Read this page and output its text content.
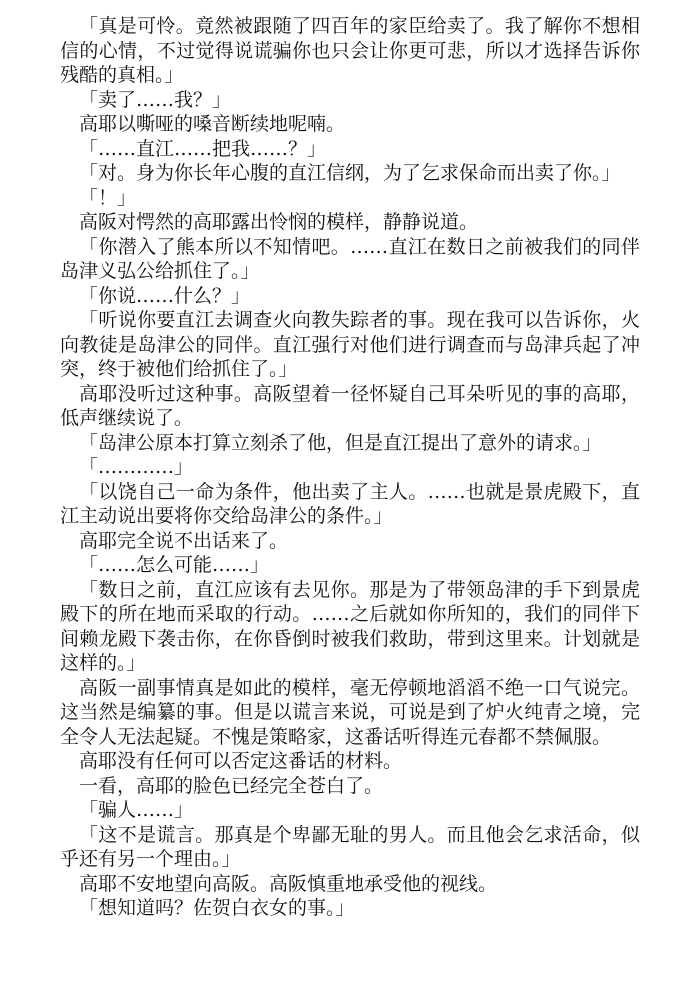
「真是可怜。竟然被跟随了四百年的家臣给卖了。我了解你不想相信的心情，不过觉得说谎骗你也只会让你更可悲，所以才选择告诉你残酷的真相。」

「卖了……我？」

高耶以嘶哑的嗓音断续地呢喃。

「……直江……把我……？」

「对。身为你长年心腹的直江信纲，为了乞求保命而出卖了你。」

「！」

高阪对愕然的高耶露出怜悯的模样，静静说道。

「你潜入了熊本所以不知情吧。……直江在数日之前被我们的同伴岛津义弘公给抓住了。」

「你说……什么？」

「听说你要直江去调查火向教失踪者的事。现在我可以告诉你，火向教徒是岛津公的同伴。直江强行对他们进行调查而与岛津兵起了冲突，终于被他们给抓住了。」

高耶没听过这种事。高阪望着一径怀疑自己耳朵听见的事的高耶，低声继续说了。

「岛津公原本打算立刻杀了他，但是直江提出了意外的请求。」

「…………」

「以饶自己一命为条件，他出卖了主人。……也就是景虎殿下，直江主动说出要将你交给岛津公的条件。」

高耶完全说不出话来了。

「……怎么可能……」

「数日之前，直江应该有去见你。那是为了带领岛津的手下到景虎殿下的所在地而采取的行动。……之后就如你所知的，我们的同伴下间赖龙殿下袭击你，在你昏倒时被我们救助，带到这里来。计划就是这样的。」

高阪一副事情真是如此的模样，毫无停顿地滔滔不绝一口气说完。这当然是编纂的事。但是以谎言来说，可说是到了炉火纯青之境，完全令人无法起疑。不愧是策略家，这番话听得连元春都不禁佩服。

高耶没有任何可以否定这番话的材料。

一看，高耶的脸色已经完全苍白了。

「骗人……」

「这不是谎言。那真是个卑鄙无耻的男人。而且他会乞求活命，似乎还有另一个理由。」

高耶不安地望向高阪。高阪慎重地承受他的视线。

「想知道吗？佐贺白衣女的事。」
